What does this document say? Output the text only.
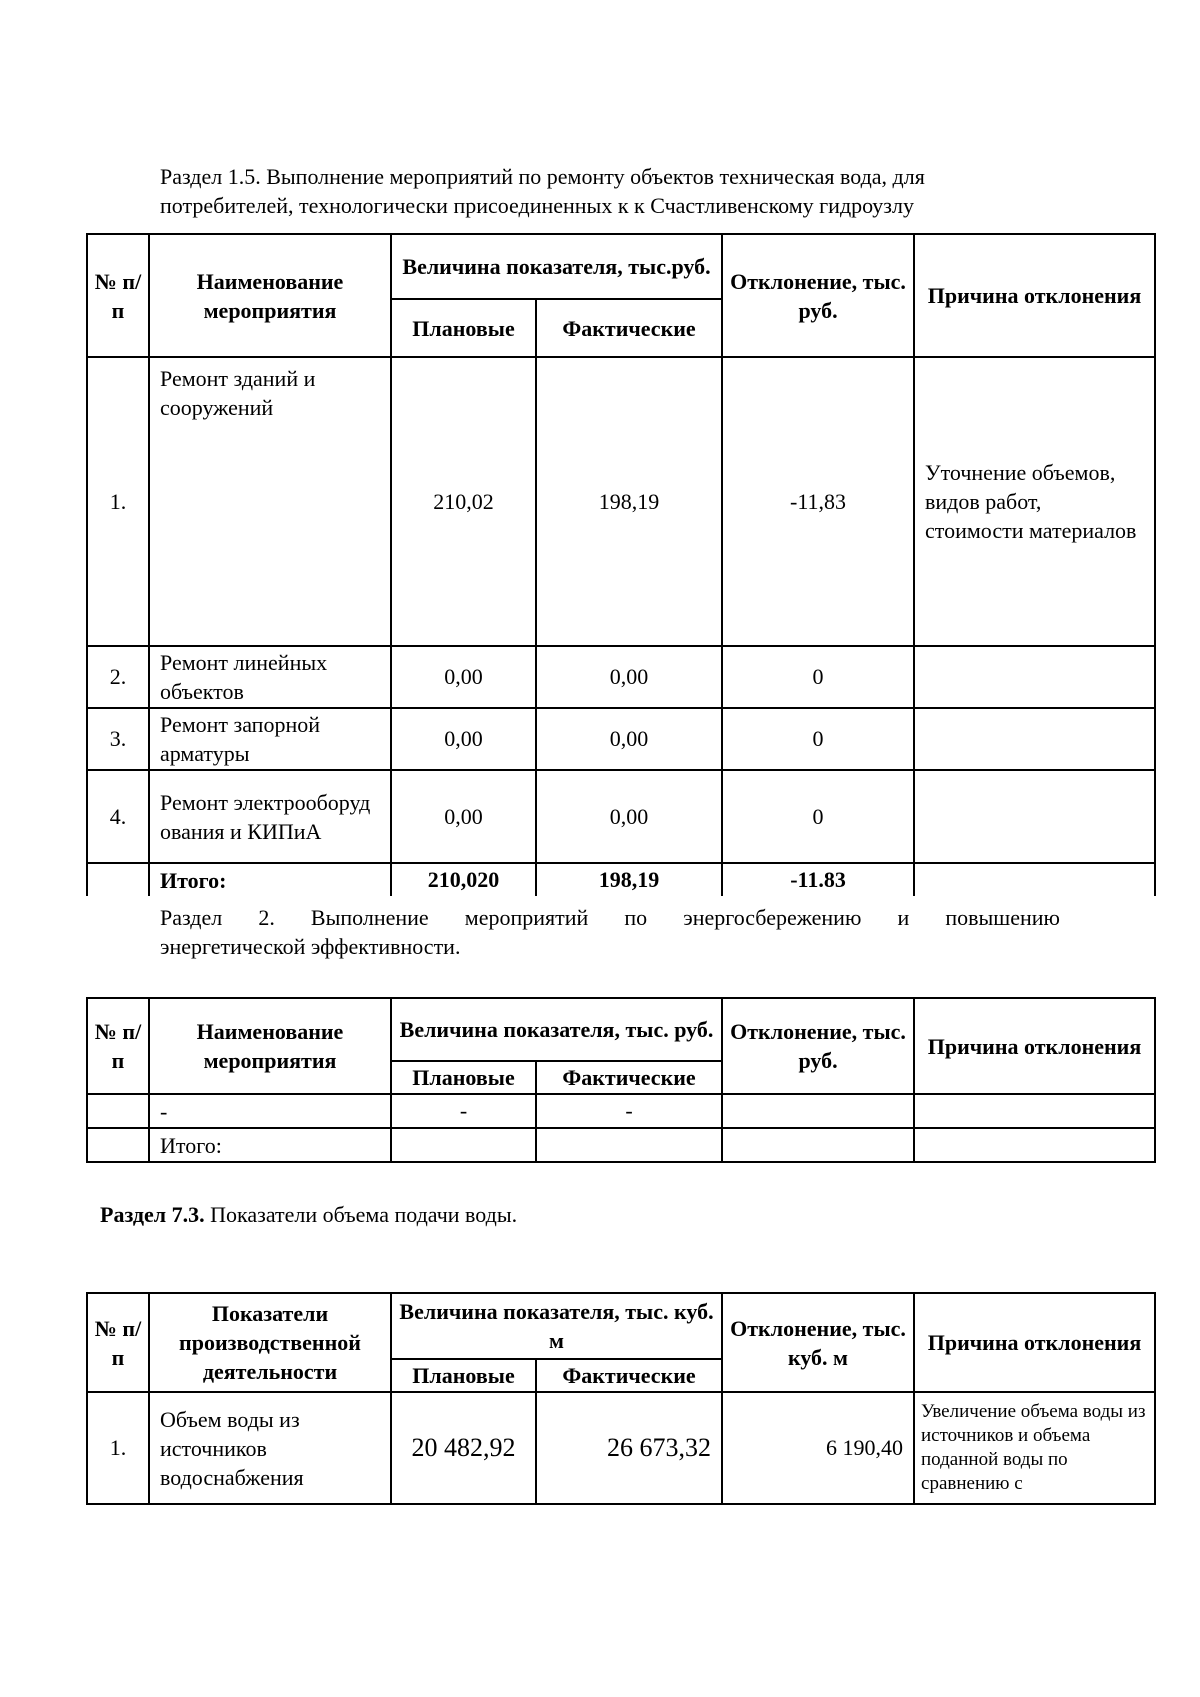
Раздел 1.5. Выполнение мероприятий по ремонту объектов техническая вода, для
потребителей, технологически присоединенных к к Счастливенскому гидроузлу
№ п/п	Наименование мероприятия	Величина показателя, тыс.руб.		Отклонение, тыс. руб.	Причина отклонения
		Плановые	Фактические		
1.	Ремонт зданий и сооружений	210,02	198,19	-11,83	Уточнение объемов, видов работ, стоимости материалов
2.	Ремонт линейных объектов	0,00	0,00	0	
3.	Ремонт запорной арматуры	0,00	0,00	0	
4.	Ремонт электрооборудования и КИПиА	0,00	0,00	0	
	Итого:	210,020	198,19	-11.83	
Раздел 2. Выполнение мероприятий по энергосбережению и повышению
энергетической эффективности.
№ п/п	Наименование мероприятия	Величина показателя, тыс. руб.		Отклонение, тыс. руб.	Причина отклонения
		Плановые	Фактические		
	-	-	-		
	Итого:				
Раздел 7.3. Показатели объема подачи воды.
№ п/п	Показатели производственной деятельности	Величина показателя, тыс. куб. м		Отклонение, тыс. куб. м	Причина отклонения
		Плановые	Фактические		
1.	Объем воды из источников водоснабжения	20 482,92	26 673,32	6 190,40	Увеличение объема воды из источников и объема поданной воды по сравнению с
